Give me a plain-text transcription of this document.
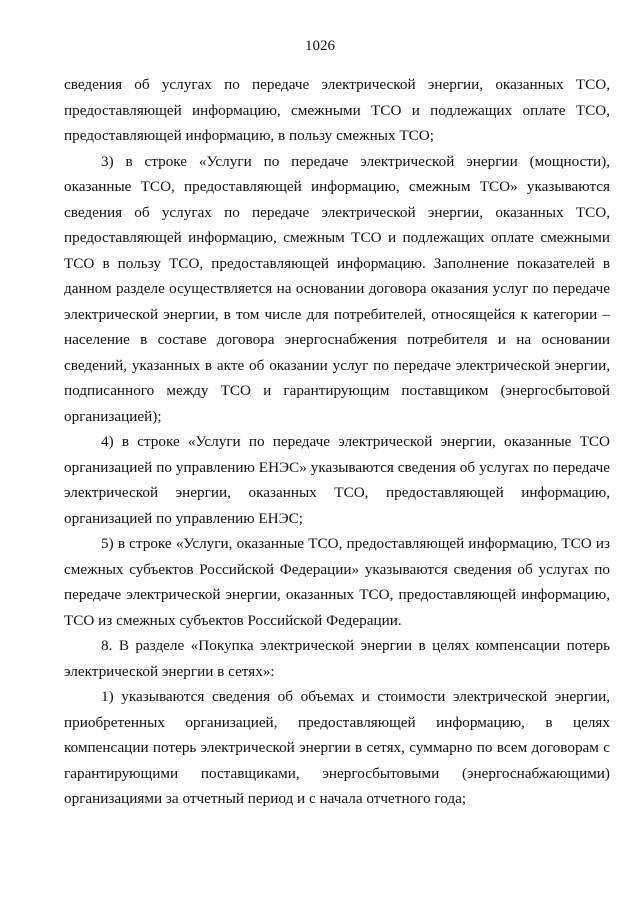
1026

сведения об услугах по передаче электрической энергии, оказанных ТСО, предоставляющей информацию, смежными ТСО и подлежащих оплате ТСО, предоставляющей информацию, в пользу смежных ТСО;

3) в строке «Услуги по передаче электрической энергии (мощности), оказанные ТСО, предоставляющей информацию, смежным ТСО» указываются сведения об услугах по передаче электрической энергии, оказанных ТСО, предоставляющей информацию, смежным ТСО и подлежащих оплате смежными ТСО в пользу ТСО, предоставляющей информацию. Заполнение показателей в данном разделе осуществляется на основании договора оказания услуг по передаче электрической энергии, в том числе для потребителей, относящейся к категории – население в составе договора энергоснабжения потребителя и на основании сведений, указанных в акте об оказании услуг по передаче электрической энергии, подписанного между ТСО и гарантирующим поставщиком (энергосбытовой организацией);

4) в строке «Услуги по передаче электрической энергии, оказанные ТСО организацией по управлению ЕНЭС» указываются сведения об услугах по передаче электрической энергии, оказанных ТСО, предоставляющей информацию, организацией по управлению ЕНЭС;

5) в строке «Услуги, оказанные ТСО, предоставляющей информацию, ТСО из смежных субъектов Российской Федерации» указываются сведения об услугах по передаче электрической энергии, оказанных ТСО, предоставляющей информацию, ТСО из смежных субъектов Российской Федерации.

8. В разделе «Покупка электрической энергии в целях компенсации потерь электрической энергии в сетях»:

1) указываются сведения об объемах и стоимости электрической энергии, приобретенных организацией, предоставляющей информацию, в целях компенсации потерь электрической энергии в сетях, суммарно по всем договорам с гарантирующими поставщиками, энергосбытовыми (энергоснабжающими) организациями за отчетный период и с начала отчетного года;
